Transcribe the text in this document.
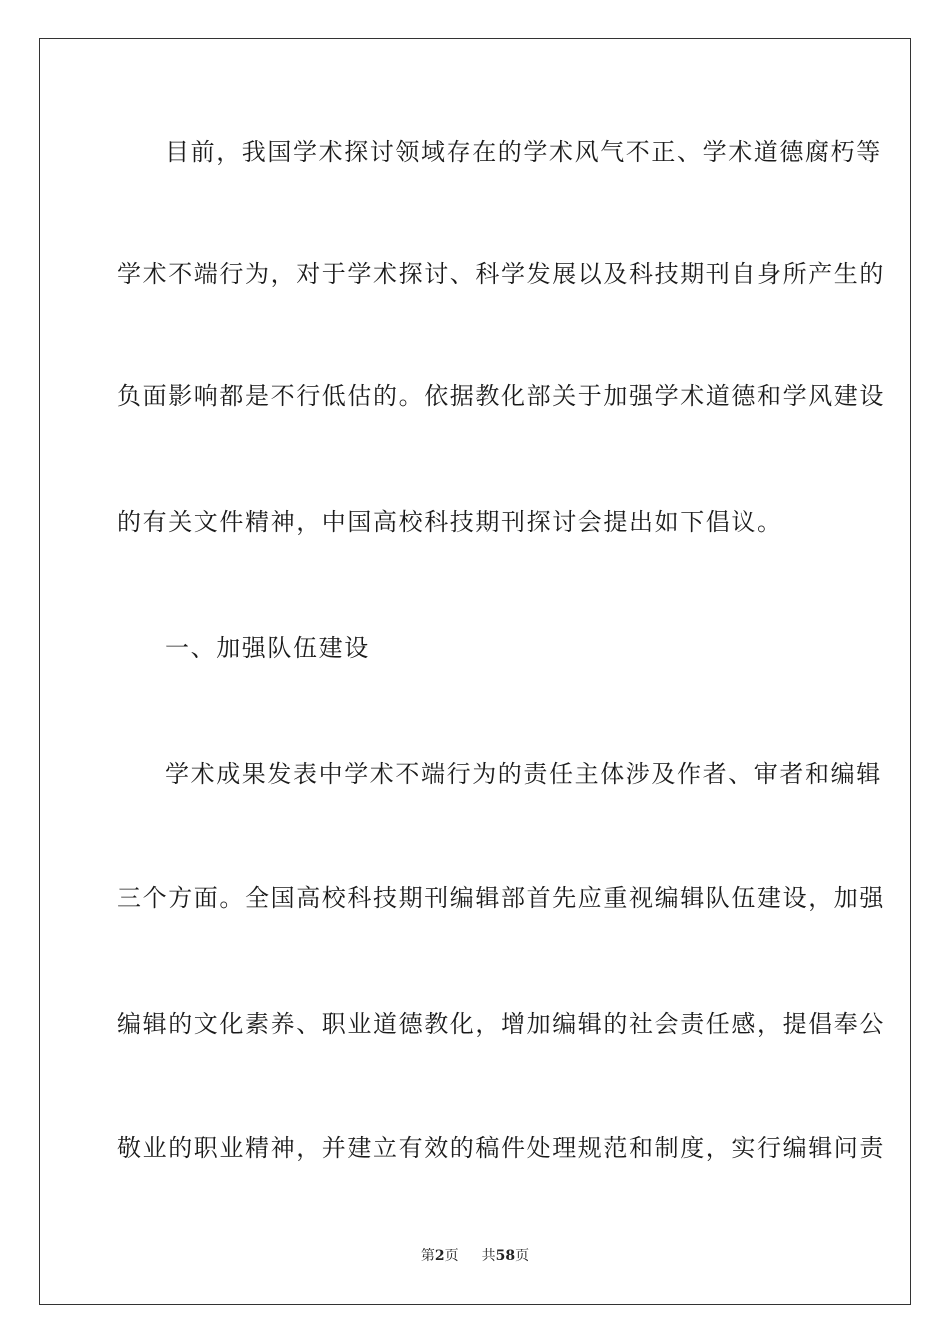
目前，我国学术探讨领域存在的学术风气不正、学术道德腐朽等
学术不端行为，对于学术探讨、科学发展以及科技期刊自身所产生的
负面影响都是不行低估的。依据教化部关于加强学术道德和学风建设
的有关文件精神，中国高校科技期刊探讨会提出如下倡议。
一、加强队伍建设
学术成果发表中学术不端行为的责任主体涉及作者、审者和编辑
三个方面。全国高校科技期刊编辑部首先应重视编辑队伍建设，加强
编辑的文化素养、职业道德教化，增加编辑的社会责任感，提倡奉公
敬业的职业精神，并建立有效的稿件处理规范和制度，实行编辑问责
第2页 共58页
